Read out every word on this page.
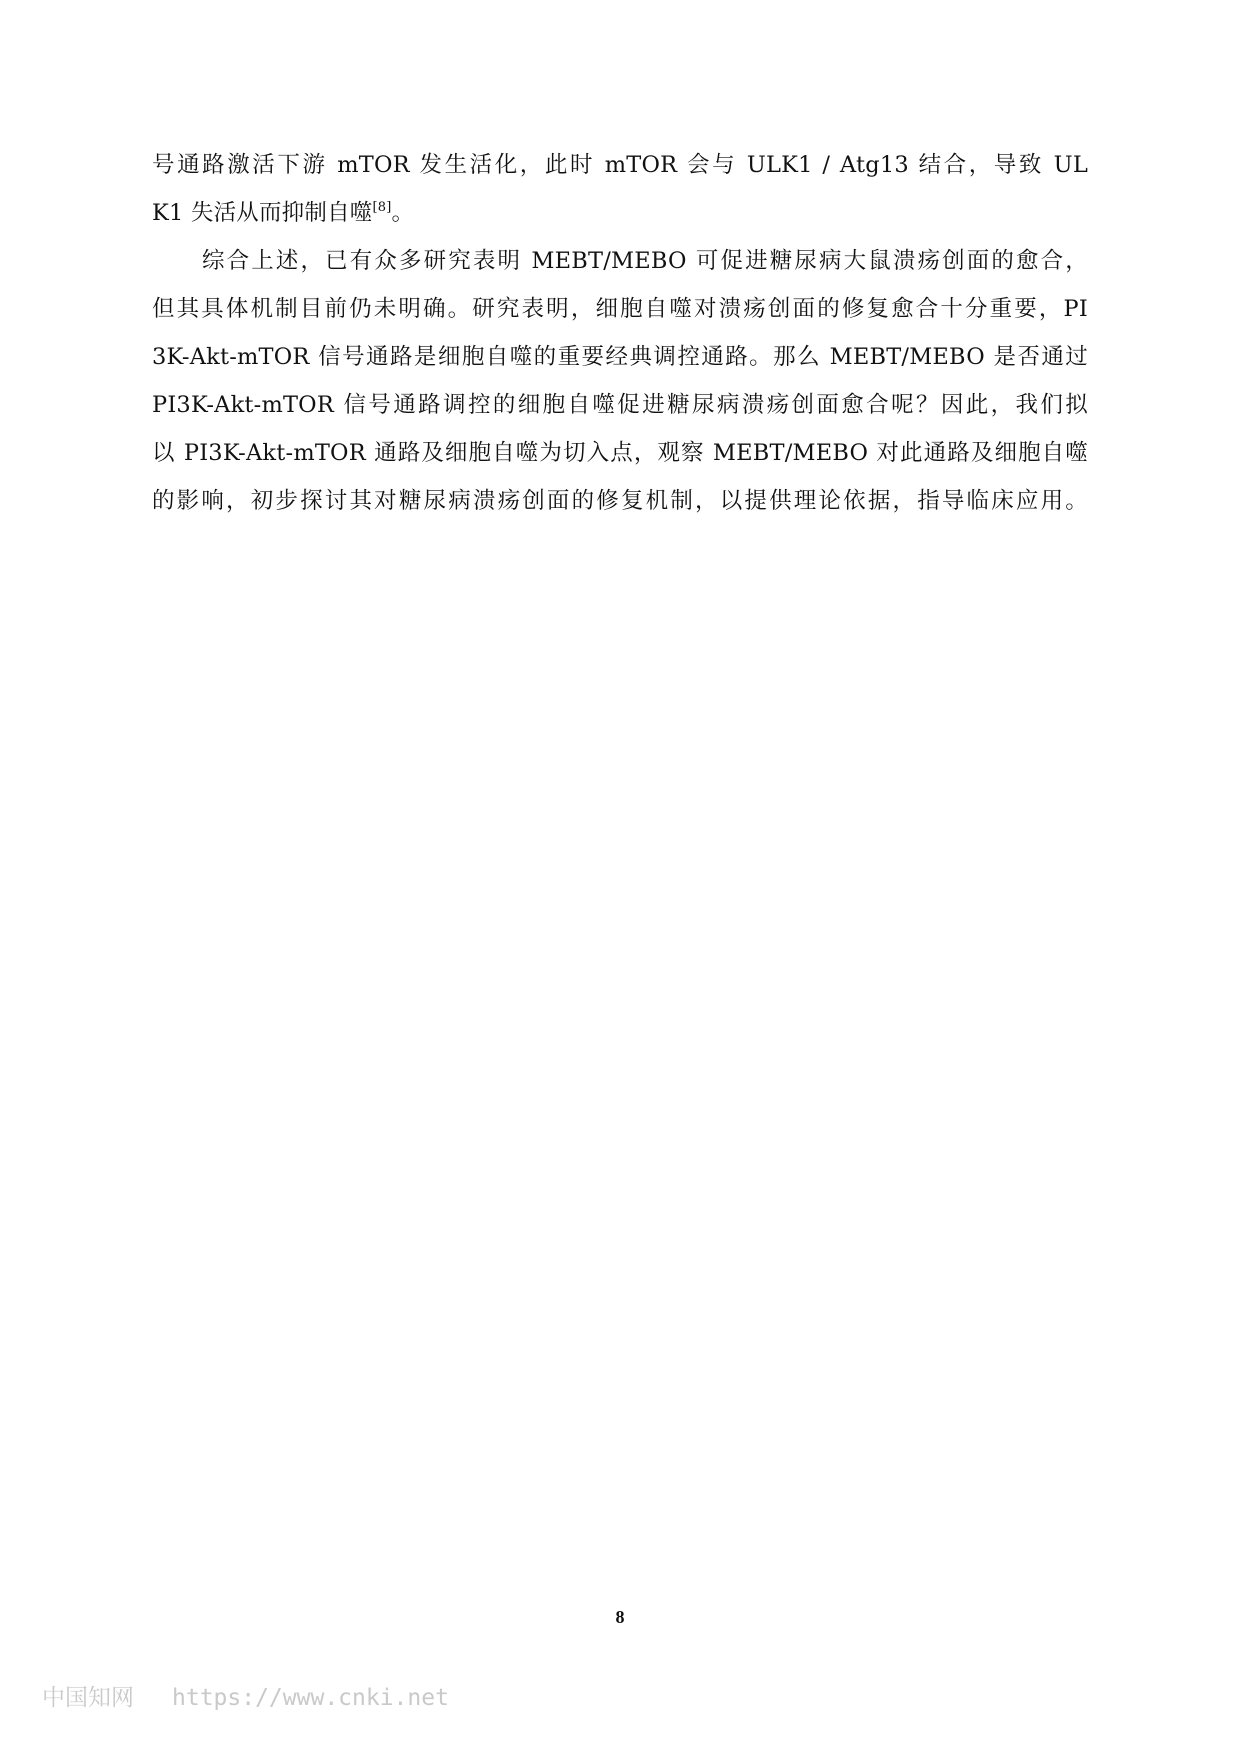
号通路激活下游 mTOR 发生活化，此时 mTOR 会与 ULK1 / Atg13 结合，导致 UL
K1 失活从而抑制自噬[8]。
综合上述，已有众多研究表明 MEBT/MEBO 可促进糖尿病大鼠溃疡创面的愈合，
但其具体机制目前仍未明确。研究表明，细胞自噬对溃疡创面的修复愈合十分重要，PI
3K-Akt-mTOR 信号通路是细胞自噬的重要经典调控通路。那么 MEBT/MEBO 是否通过
PI3K-Akt-mTOR 信号通路调控的细胞自噬促进糖尿病溃疡创面愈合呢？因此，我们拟
以 PI3K-Akt-mTOR 通路及细胞自噬为切入点，观察 MEBT/MEBO 对此通路及细胞自噬
的影响，初步探讨其对糖尿病溃疡创面的修复机制，以提供理论依据，指导临床应用。
8
中国知网 https://www.cnki.net
